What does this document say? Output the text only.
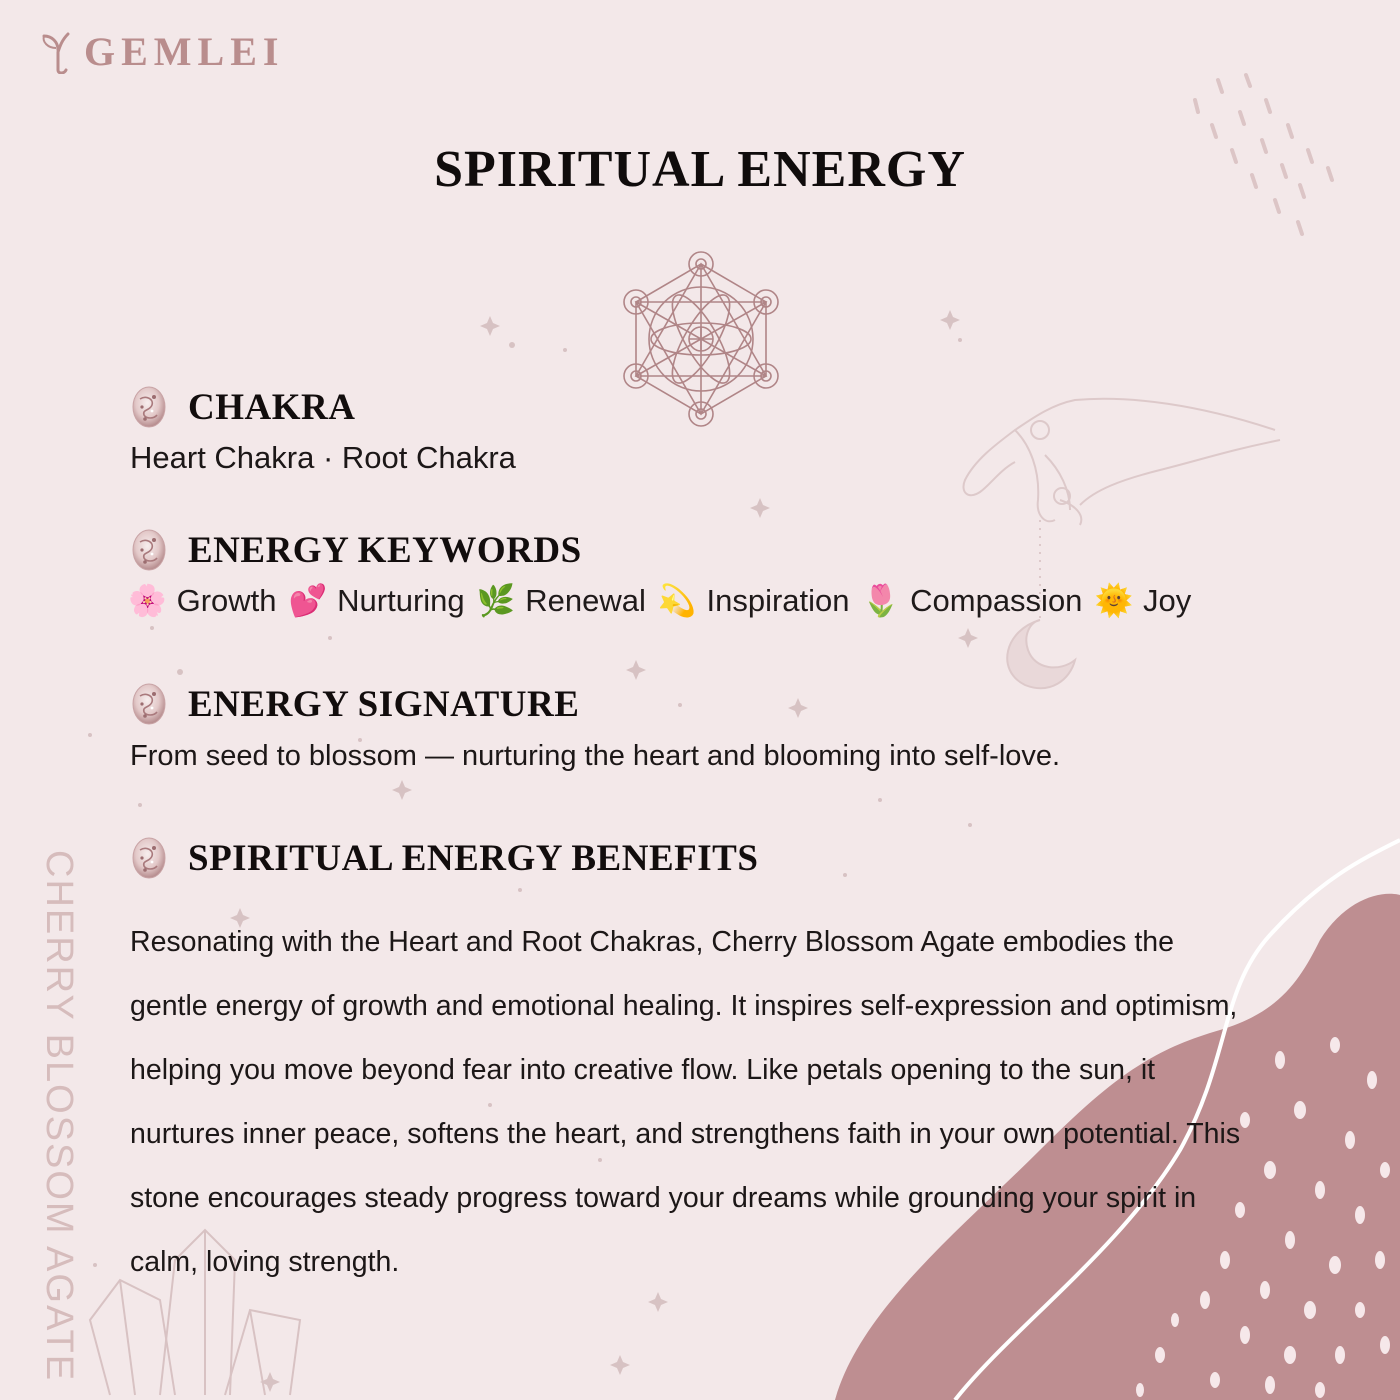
GEMLEI
SPIRITUAL ENERGY
CHAKRA
Heart Chakra · Root Chakra
ENERGY KEYWORDS
🌸 Growth 💕 Nurturing 🌿 Renewal 💫 Inspiration 🌷 Compassion 🌞 Joy
ENERGY SIGNATURE
From seed to blossom — nurturing the heart and blooming into self-love.
SPIRITUAL ENERGY BENEFITS

Resonating with the Heart and Root Chakras, Cherry Blossom Agate embodies the gentle energy of growth and emotional healing. It inspires self-expression and optimism, helping you move beyond fear into creative flow. Like petals opening to the sun, it nurtures inner peace, softens the heart, and strengthens faith in your own potential. This stone encourages steady progress toward your dreams while grounding your spirit in calm, loving strength.

CHERRY BLOSSOM AGATE
